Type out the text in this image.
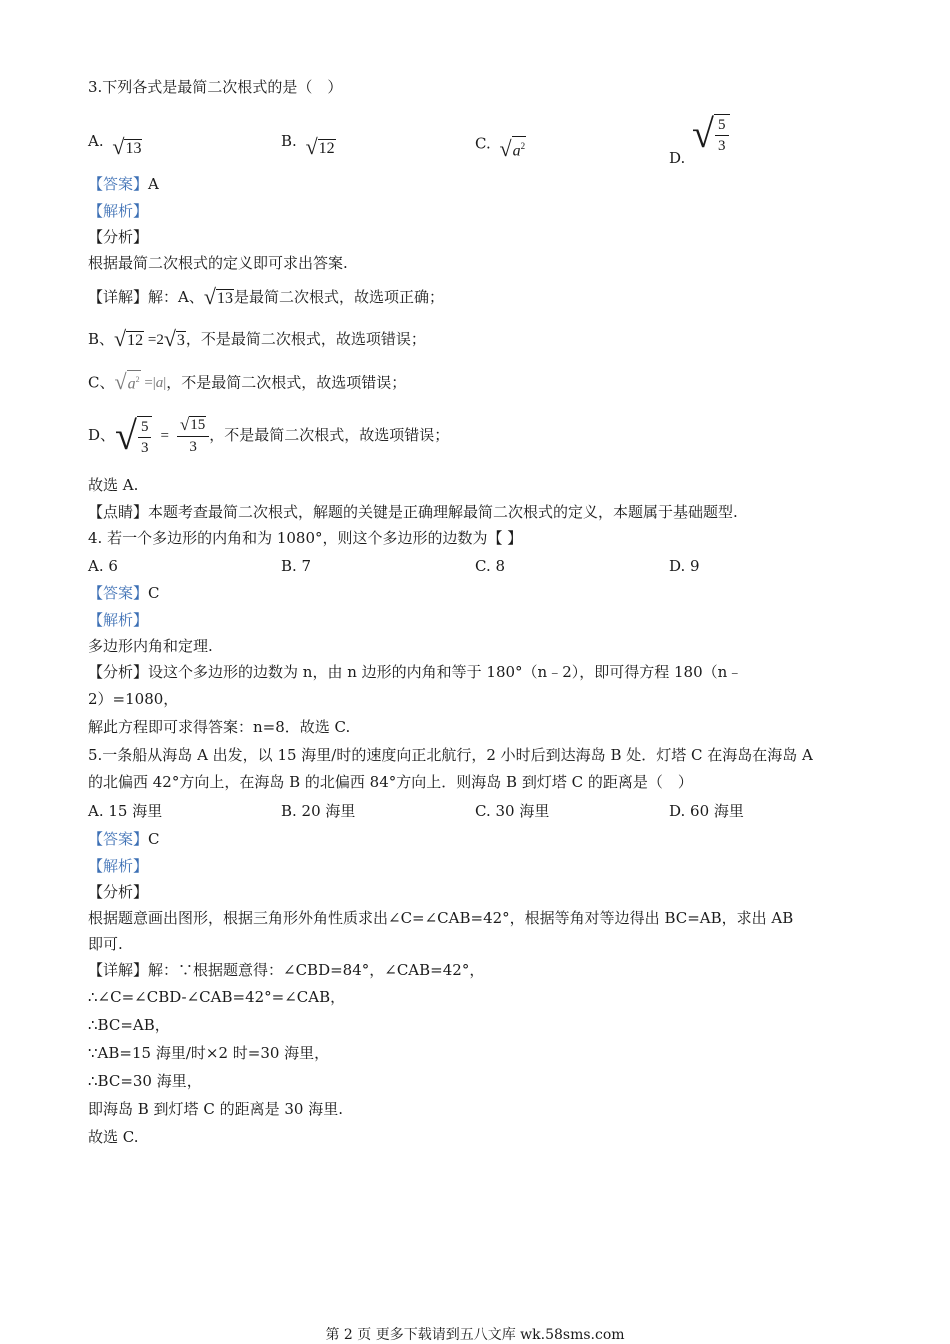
3.下列各式是最简二次根式的是（　）
A. √ 13	B. √ 12	C. √ $a^2$
D.
√ $\frac{5}{3}$
【答案】A
【解析】
【分析】
根据最简二次根式的定义即可求出答案.
【详解】解：A、 √ 13 是最简二次根式，故选项正确；
B、 √ 12 =2 √ 3 ，不是最简二次根式，故选项错误；
C、 √ $a^2 =|a|$，不是最简二次根式，故选项错误；
D、 √ $\frac{5}{3} = \frac{√ 15}{3}$ ，不是最简二次根式，故选项错误；
故选 A.
【点睛】本题考查最简二次根式，解题的关键是正确理解最简二次根式的定义，本题属于基础题型.
4. 若一个多边形的内角和为 1080°，则这个多边形的边数为【 】
A. 6	B. 7	C. 8	D. 9
【答案】C
【解析】
多边形内角和定理.
【分析】设这个多边形的边数为 n，由 n 边形的内角和等于 180°（n﹣2），即可得方程 180（n﹣
2）=1080，
解此方程即可求得答案：n=8．故选 C.
5.一条船从海岛 A 出发，以 15 海里/时的速度向正北航行，2 小时后到达海岛 B 处．灯塔 C 在海岛在海岛 A
的北偏西 42°方向上，在海岛 B 的北偏西 84°方向上．则海岛 B 到灯塔 C 的距离是（　）
A. 15 海里	B. 20 海里	C. 30 海里	D. 60 海里
【答案】C
【解析】
【分析】
根据题意画出图形，根据三角形外角性质求出∠C=∠CAB=42°，根据等角对等边得出 BC=AB，求出 AB
即可.
【详解】解：∵根据题意得：∠CBD=84°，∠CAB=42°，
∴∠C=∠CBD-∠CAB=42°=∠CAB，
∴BC=AB，
∵AB=15 海里/时×2 时=30 海里，
∴BC=30 海里，
即海岛 B 到灯塔 C 的距离是 30 海里.
故选 C.
第 2 页 更多下载请到五八文库 wk.58sms.com
